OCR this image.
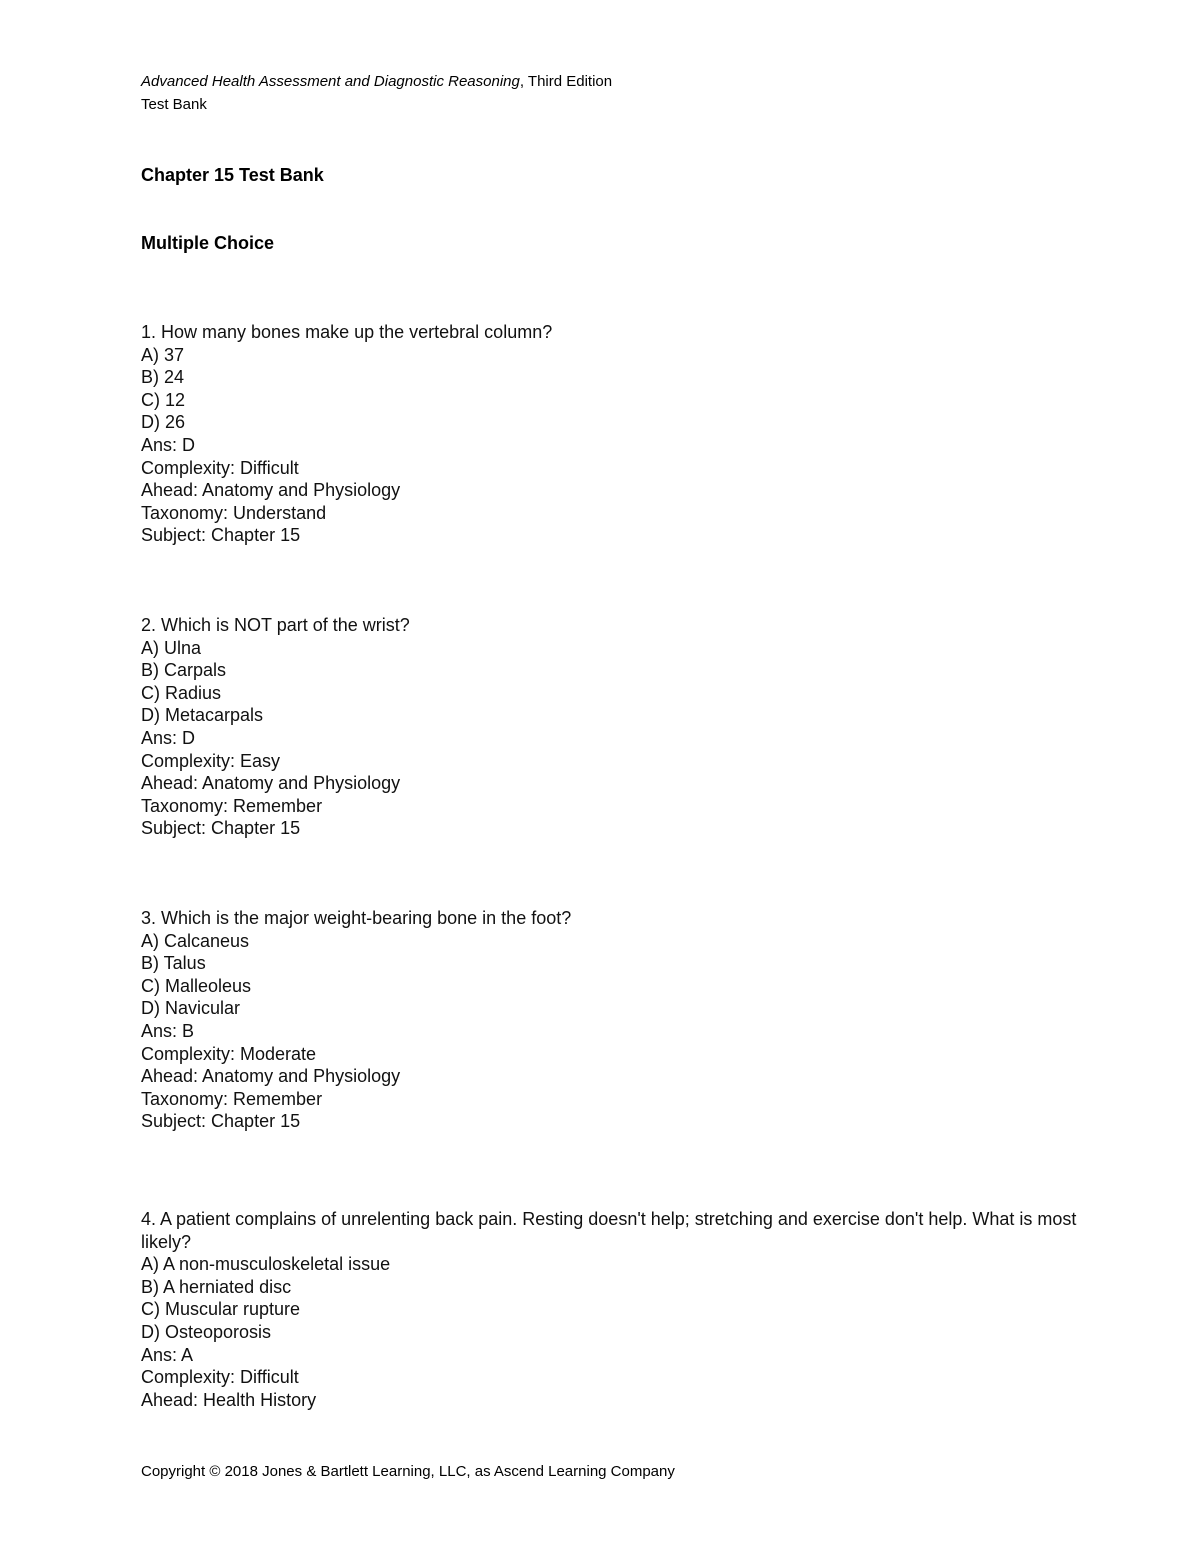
Advanced Health Assessment and Diagnostic Reasoning, Third Edition
Test Bank
Chapter 15 Test Bank
Multiple Choice
1. How many bones make up the vertebral column?
A) 37
B) 24
C) 12
D) 26
Ans: D
Complexity: Difficult
Ahead: Anatomy and Physiology
Taxonomy: Understand
Subject: Chapter 15
2. Which is NOT part of the wrist?
A) Ulna
B) Carpals
C) Radius
D) Metacarpals
Ans: D
Complexity: Easy
Ahead: Anatomy and Physiology
Taxonomy: Remember
Subject: Chapter 15
3. Which is the major weight-bearing bone in the foot?
A) Calcaneus
B) Talus
C) Malleoleus
D) Navicular
Ans: B
Complexity: Moderate
Ahead: Anatomy and Physiology
Taxonomy: Remember
Subject: Chapter 15
4. A patient complains of unrelenting back pain. Resting doesn't help; stretching and exercise don't help. What is most likely?
A) A non-musculoskeletal issue
B) A herniated disc
C) Muscular rupture
D) Osteoporosis
Ans: A
Complexity: Difficult
Ahead: Health History
Copyright © 2018 Jones & Bartlett Learning, LLC, as Ascend Learning Company
